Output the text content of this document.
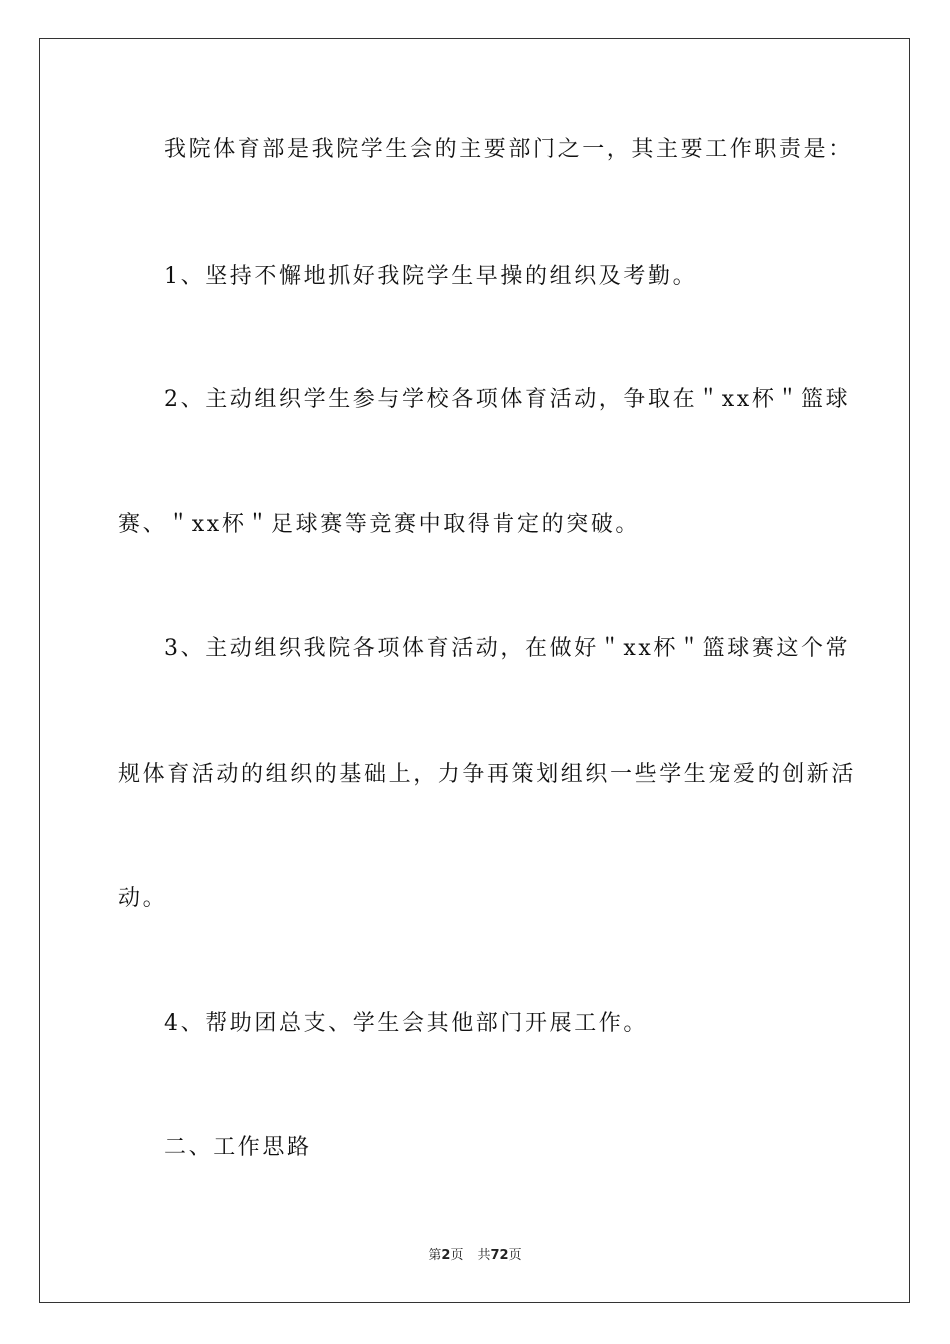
我院体育部是我院学生会的主要部门之一，其主要工作职责是：
1、坚持不懈地抓好我院学生早操的组织及考勤。
2、主动组织学生参与学校各项体育活动，争取在＂xx杯＂篮球
赛、＂xx杯＂足球赛等竞赛中取得肯定的突破。
3、主动组织我院各项体育活动，在做好＂xx杯＂篮球赛这个常
规体育活动的组织的基础上，力争再策划组织一些学生宠爱的创新活
动。
4、帮助团总支、学生会其他部门开展工作。
二、工作思路
第2页 共72页
